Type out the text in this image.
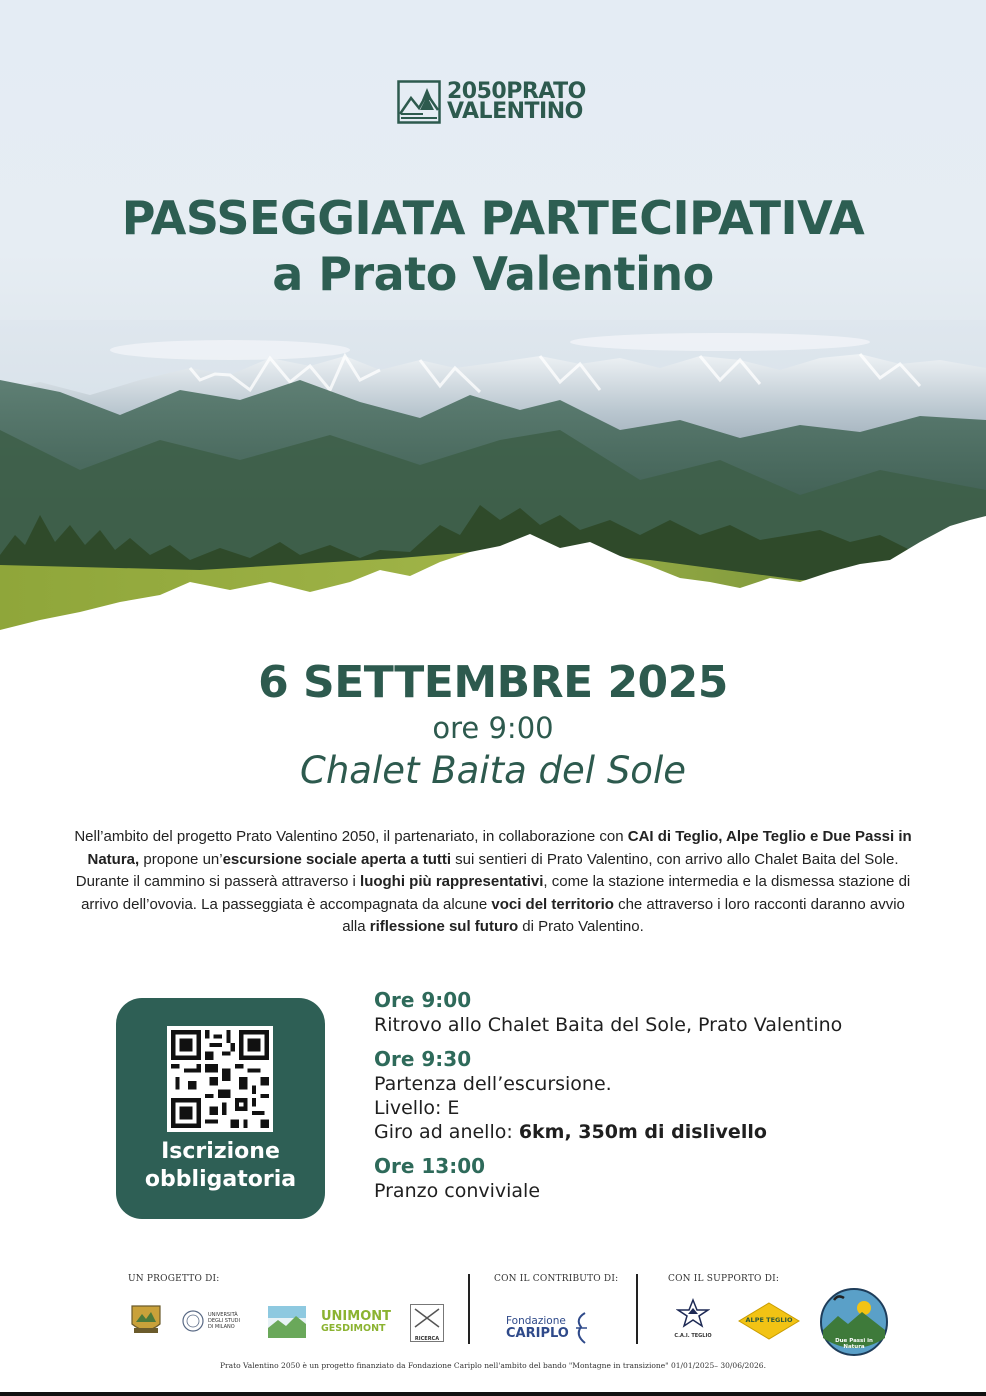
2050PRATO
VALENTINO
PASSEGGIATA PARTECIPATIVA
a Prato Valentino
6 SETTEMBRE 2025
ore 9:00
Chalet Baita del Sole
Nell’ambito del progetto Prato Valentino 2050, il partenariato, in collaborazione con CAI di Teglio, Alpe Teglio e Due Passi in Natura, propone un’escursione sociale aperta a tutti sui sentieri di Prato Valentino, con arrivo allo Chalet Baita del Sole.
Durante il cammino si passerà attraverso i luoghi più rappresentativi, come la stazione intermedia e la dismessa stazione di arrivo dell’ovovia. La passeggiata è accompagnata da alcune voci del territorio che attraverso i loro racconti daranno avvio alla riflessione sul futuro di Prato Valentino.
Iscrizione
obbligatoria
Ore 9:00
Ritrovo allo Chalet Baita del Sole, Prato Valentino
Ore 9:30
Partenza dell’escursione.
Livello: E
Giro ad anello: 6km, 350m di dislivello
Ore 13:00
Pranzo conviviale
UN PROGETTO DI:	CON IL CONTRIBUTO DI:	CON IL SUPPORTO DI:
UNIVERSITÀ
DEGLI STUDI
DI MILANO
UNIMONT
GESDIMONT
RICERCA
Fondazione
CARIPLO	C.A.I. TEGLIO
ALPE TEGLIO
Due Passi in Natura
Prato Valentino 2050 è un progetto finanziato da Fondazione Cariplo nell'ambito del bando "Montagne in transizione" 01/01/2025– 30/06/2026.
